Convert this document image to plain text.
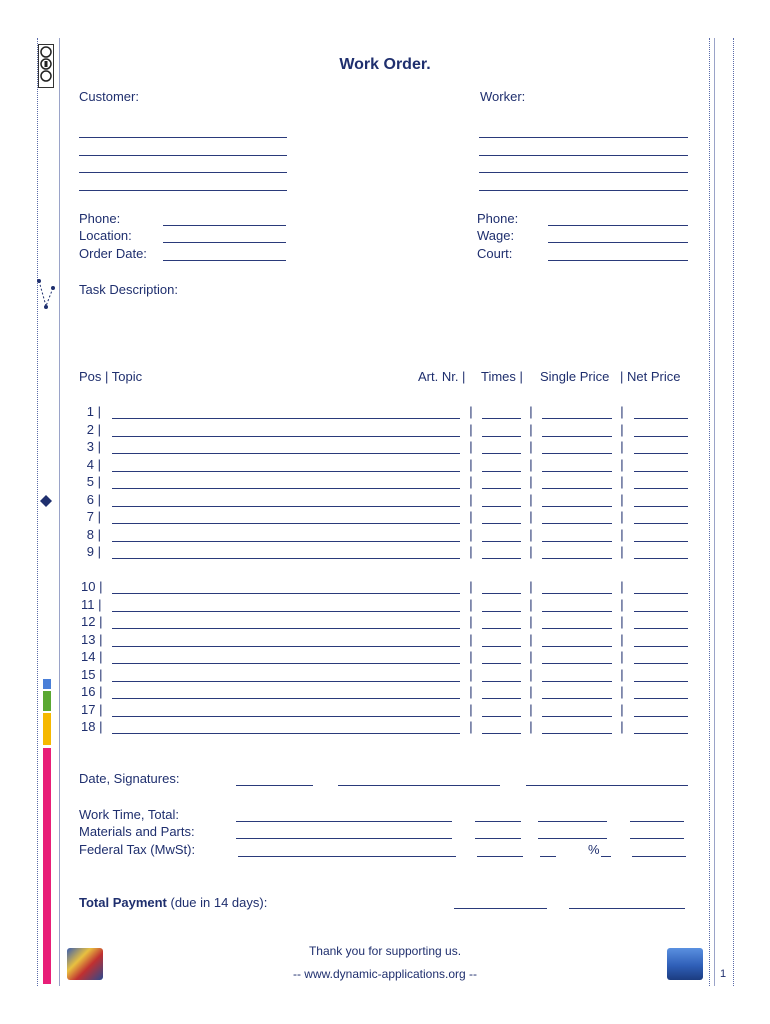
Work Order.
Customer:	Worker:
Phone:
Location:
Order Date:
Phone:
Wage:
Court:
Task Description:
Pos | Topic	Art. Nr. | Times | Single Price | Net Price
1 |	|	|	|
2 |	|	|	|
3 |	|	|	|
4 |	|	|	|
5 |	|	|	|
6 |	|	|	|
7 |	|	|	|
8 |	|	|	|
9 |	|	|	|
10 |	|	|	|
11 |	|	|	|
12 |	|	|	|
13 |	|	|	|
14 |	|	|	|
15 |	|	|	|
16 |	|	|	|
17 |	|	|	|
18 |	|	|	|
Date, Signatures:
Work Time, Total:
Materials and Parts:
Federal Tax (MwSt):	%
Total Payment (due in 14 days):
Thank you for supporting us.
-- www.dynamic-applications.org --	1
